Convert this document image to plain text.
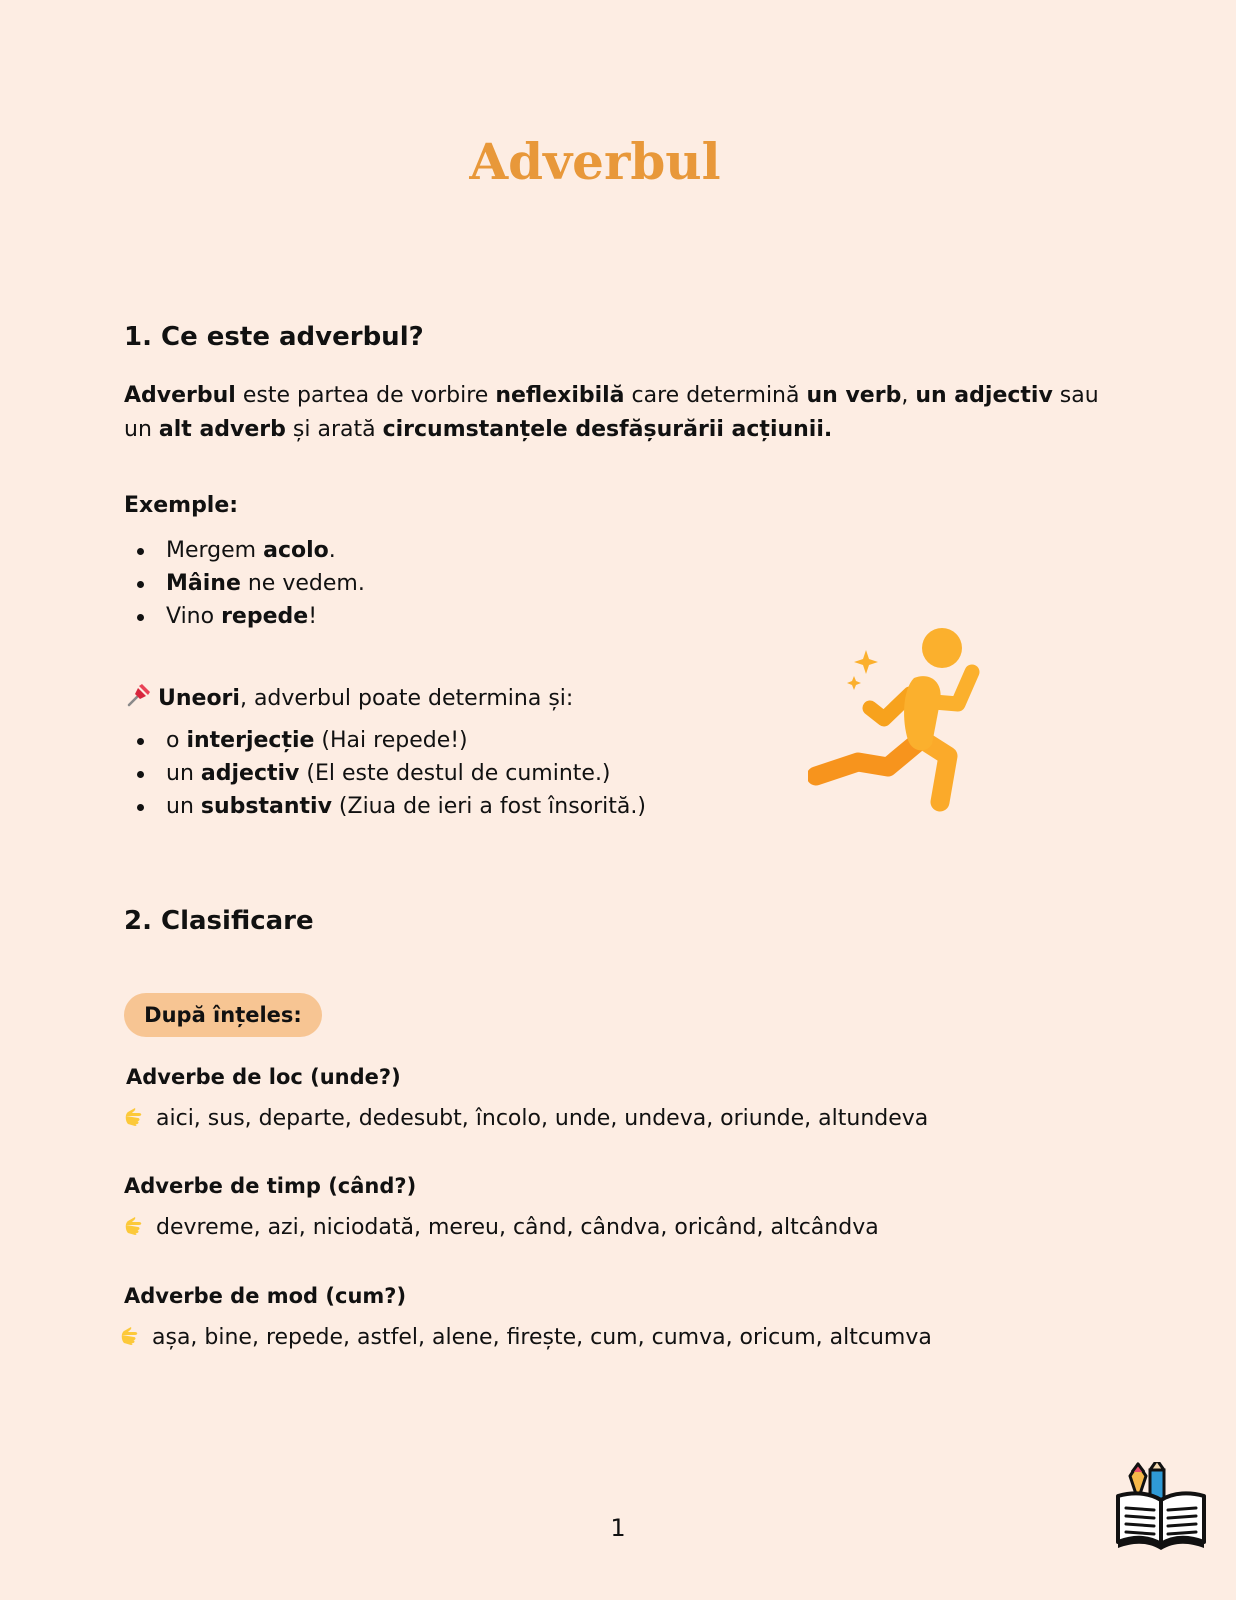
Adverbul
1. Ce este adverbul?

Adverbul este partea de vorbire neflexibilă care determină un verb, un adjectiv sau
un alt adverb și arată circumstanțele desfășurării acțiunii.

Exemple:

Mergem acolo.
Mâine ne vedem.
Vino repede!

Uneori, adverbul poate determina și:

o interjecție (Hai repede!)
un adjectiv (El este destul de cuminte.)
un substantiv (Ziua de ieri a fost însorită.)
2. Clasificare
După înțeles:

Adverbe de loc (unde?)

aici, sus, departe, dedesubt, încolo, unde, undeva, oriunde, altundeva

Adverbe de timp (când?)

devreme, azi, niciodată, mereu, când, cândva, oricând, altcândva

Adverbe de mod (cum?)

așa, bine, repede, astfel, alene, firește, cum, cumva, oricum, altcumva

1
